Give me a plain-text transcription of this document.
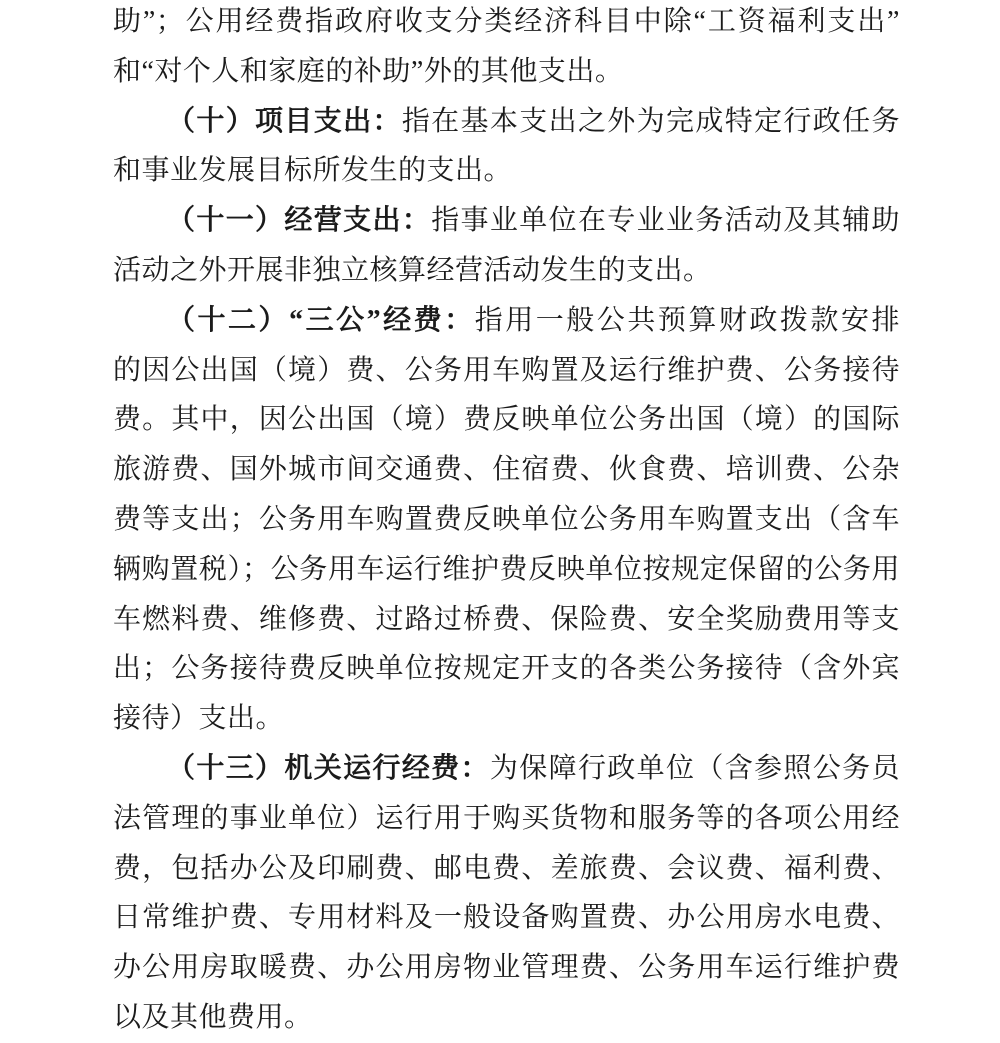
助”；公用经费指政府收支分类经济科目中除“工资福利支出”
和“对个人和家庭的补助”外的其他支出。
（十）项目支出：指在基本支出之外为完成特定行政任务
和事业发展目标所发生的支出。
（十一）经营支出：指事业单位在专业业务活动及其辅助
活动之外开展非独立核算经营活动发生的支出。
（十二）“三公”经费：指用一般公共预算财政拨款安排
的因公出国（境）费、公务用车购置及运行维护费、公务接待
费。其中，因公出国（境）费反映单位公务出国（境）的国际
旅游费、国外城市间交通费、住宿费、伙食费、培训费、公杂
费等支出；公务用车购置费反映单位公务用车购置支出（含车
辆购置税）；公务用车运行维护费反映单位按规定保留的公务用
车燃料费、维修费、过路过桥费、保险费、安全奖励费用等支
出；公务接待费反映单位按规定开支的各类公务接待（含外宾
接待）支出。
（十三）机关运行经费：为保障行政单位（含参照公务员
法管理的事业单位）运行用于购买货物和服务等的各项公用经
费，包括办公及印刷费、邮电费、差旅费、会议费、福利费、
日常维护费、专用材料及一般设备购置费、办公用房水电费、
办公用房取暖费、办公用房物业管理费、公务用车运行维护费
以及其他费用。
